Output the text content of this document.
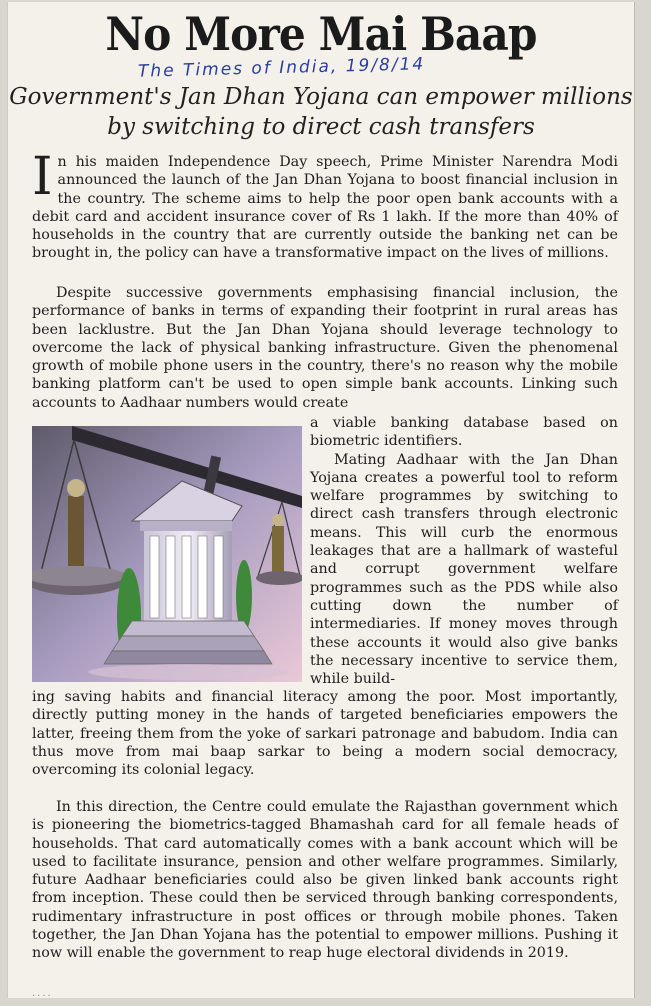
No More Mai Baap
The Times of India, 19/8/14
Government's Jan Dhan Yojana can empower millions by switching to direct cash transfers
In his maiden Independence Day speech, Prime Minister Narendra Modi announced the launch of the Jan Dhan Yojana to boost financial inclusion in the country. The scheme aims to help the poor open bank accounts with a debit card and accident insurance cover of Rs 1 lakh. If the more than 40% of households in the country that are currently outside the banking net can be brought in, the policy can have a transformative impact on the lives of millions.
Despite successive governments emphasising financial inclusion, the performance of banks in terms of expanding their footprint in rural areas has been lacklustre. But the Jan Dhan Yojana should leverage technology to overcome the lack of physical banking infrastructure. Given the phenomenal growth of mobile phone users in the country, there's no reason why the mobile banking platform can't be used to open simple bank accounts. Linking such accounts to Aadhaar numbers would create
a viable banking database based on biometric identifiers.
Mating Aadhaar with the Jan Dhan Yojana creates a powerful tool to reform welfare programmes by switching to direct cash transfers through electronic means. This will curb the enormous leakages that are a hallmark of wasteful and corrupt government welfare programmes such as the PDS while also cutting down the number of intermediaries. If money moves through these accounts it would also give banks the necessary incentive to service them, while build-
ing saving habits and financial literacy among the poor. Most importantly, directly putting money in the hands of targeted beneficiaries empowers the latter, freeing them from the yoke of sarkari patronage and babudom. India can thus move from mai baap sarkar to being a modern social democracy, overcoming its colonial legacy.
In this direction, the Centre could emulate the Rajasthan government which is pioneering the biometrics-tagged Bhamashah card for all female heads of households. That card automatically comes with a bank account which will be used to facilitate insurance, pension and other welfare programmes. Similarly, future Aadhaar beneficiaries could also be given linked bank accounts right from inception. These could then be serviced through banking correspondents, rudimentary infrastructure in post offices or through mobile phones. Taken together, the Jan Dhan Yojana has the potential to empower millions. Pushing it now will enable the government to reap huge electoral dividends in 2019.
....
